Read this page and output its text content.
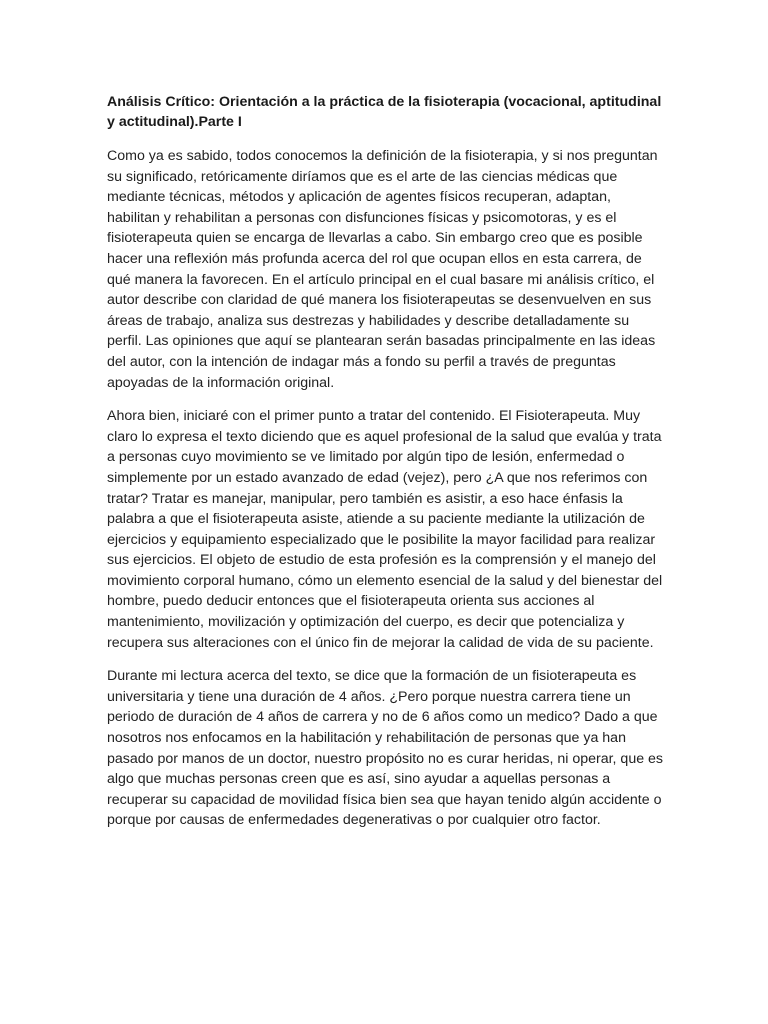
Análisis Crítico: Orientación a la práctica de la fisioterapia (vocacional, aptitudinal y actitudinal).Parte I

Como ya es sabido, todos conocemos la definición de la fisioterapia, y si nos preguntan su significado, retóricamente diríamos que es el arte de las ciencias médicas que mediante técnicas, métodos y aplicación de agentes físicos recuperan, adaptan, habilitan y rehabilitan a personas con disfunciones físicas y psicomotoras, y es el fisioterapeuta quien se encarga de llevarlas a cabo. Sin embargo creo que es posible hacer una reflexión más profunda acerca del rol que ocupan ellos en esta carrera, de qué manera la favorecen. En el artículo principal en el cual basare mi análisis crítico, el autor describe con claridad de qué manera los fisioterapeutas se desenvuelven en sus áreas de trabajo, analiza sus destrezas y habilidades y describe detalladamente su perfil. Las opiniones que aquí se plantearan serán basadas principalmente en las ideas del autor, con la intención de indagar más a fondo su perfil a través de preguntas apoyadas de la información original.

Ahora bien, iniciaré con el primer punto a tratar del contenido. El Fisioterapeuta. Muy claro lo expresa el texto diciendo que es aquel profesional de la salud que evalúa y trata a personas cuyo movimiento se ve limitado por algún tipo de lesión, enfermedad o simplemente por un estado avanzado de edad (vejez), pero ¿A que nos referimos con tratar? Tratar es manejar, manipular, pero también es asistir, a eso hace énfasis la palabra a que el fisioterapeuta asiste, atiende a su paciente mediante la utilización de ejercicios y equipamiento especializado que le posibilite la mayor facilidad para realizar sus ejercicios. El objeto de estudio de esta profesión es la comprensión y el manejo del movimiento corporal humano, cómo un elemento esencial de la salud y del bienestar del hombre, puedo deducir entonces que el fisioterapeuta orienta sus acciones al mantenimiento, movilización y optimización del cuerpo, es decir que potencializa y recupera sus alteraciones con el único fin de mejorar la calidad de vida de su paciente.

Durante mi lectura acerca del texto, se dice que la formación de un fisioterapeuta es universitaria y tiene una duración de 4 años. ¿Pero porque nuestra carrera tiene un periodo de duración de 4 años de carrera y no de 6 años como un medico? Dado a que nosotros nos enfocamos en la habilitación y rehabilitación de personas que ya han pasado por manos de un doctor, nuestro propósito no es curar heridas, ni operar, que es algo que muchas personas creen que es así, sino ayudar a aquellas personas a recuperar su capacidad de movilidad física bien sea que hayan tenido algún accidente o porque por causas de enfermedades degenerativas o por cualquier otro factor.
